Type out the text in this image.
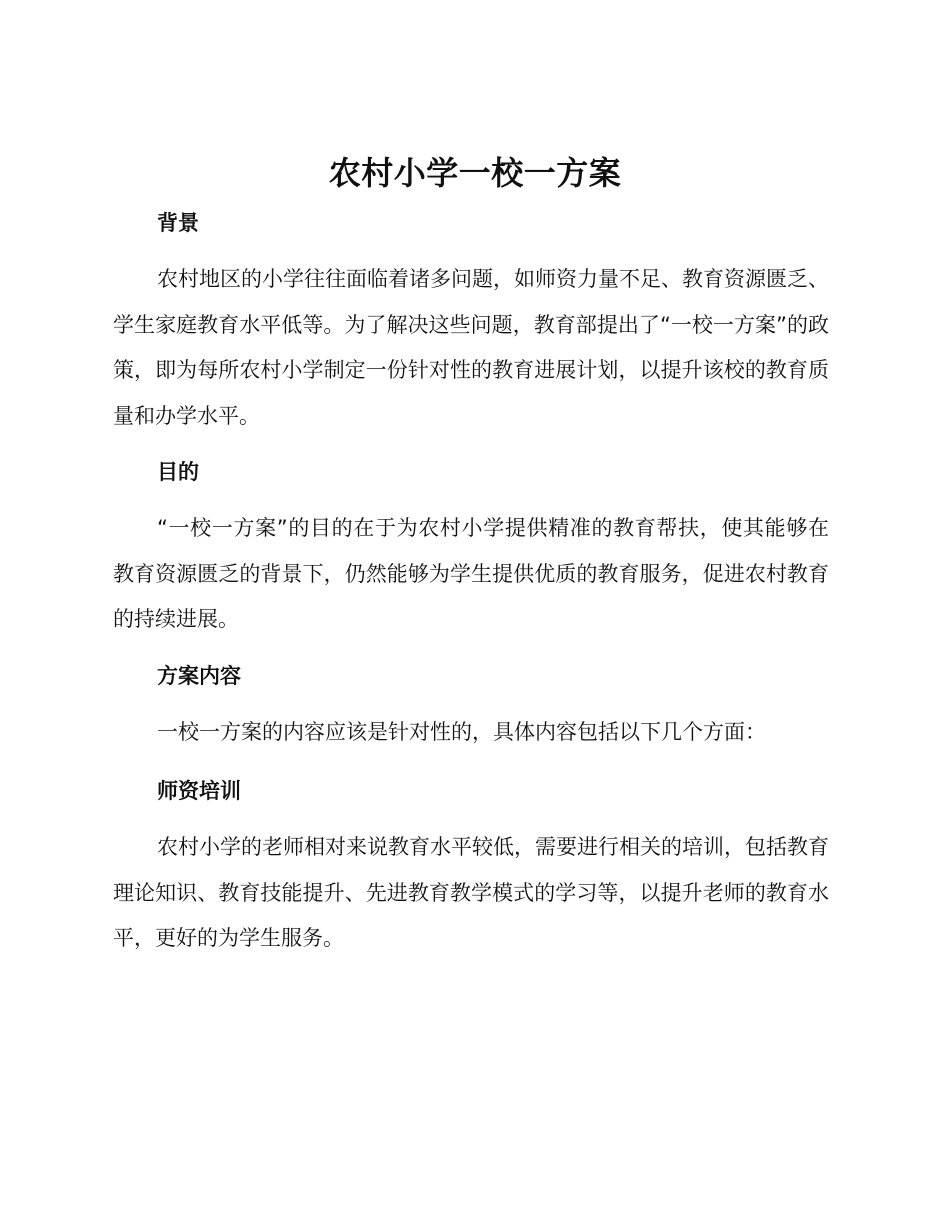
农村小学一校一方案
背景

农村地区的小学往往面临着诸多问题，如师资力量不足、教育资源匮乏、学生家庭教育水平低等。为了解决这些问题，教育部提出了“一校一方案”的政策，即为每所农村小学制定一份针对性的教育进展计划，以提升该校的教育质量和办学水平。

目的

“一校一方案”的目的在于为农村小学提供精准的教育帮扶，使其能够在教育资源匮乏的背景下，仍然能够为学生提供优质的教育服务，促进农村教育的持续进展。

方案内容

一校一方案的内容应该是针对性的，具体内容包括以下几个方面：

师资培训

农村小学的老师相对来说教育水平较低，需要进行相关的培训，包括教育理论知识、教育技能提升、先进教育教学模式的学习等，以提升老师的教育水平，更好的为学生服务。
